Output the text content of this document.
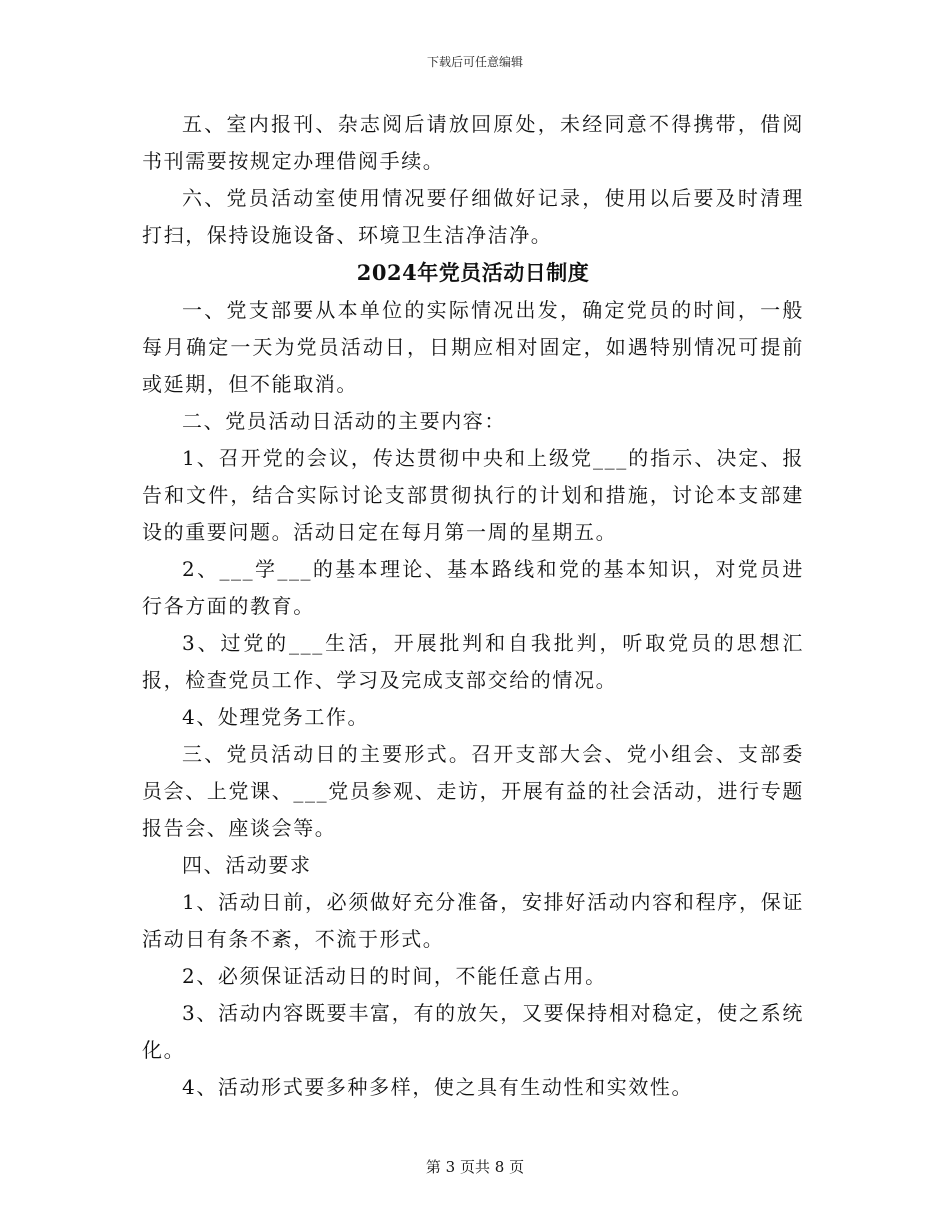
下载后可任意编辑

五、室内报刊、杂志阅后请放回原处，未经同意不得携带，借阅书刊需要按规定办理借阅手续。

六、党员活动室使用情况要仔细做好记录，使用以后要及时清理打扫，保持设施设备、环境卫生洁净洁净。

2024年党员活动日制度

一、党支部要从本单位的实际情况出发，确定党员的时间，一般每月确定一天为党员活动日，日期应相对固定，如遇特别情况可提前或延期，但不能取消。

二、党员活动日活动的主要内容：

1、召开党的会议，传达贯彻中央和上级党___的指示、决定、报告和文件，结合实际讨论支部贯彻执行的计划和措施，讨论本支部建设的重要问题。活动日定在每月第一周的星期五。

2、___学___的基本理论、基本路线和党的基本知识，对党员进行各方面的教育。

3、过党的___生活，开展批判和自我批判，听取党员的思想汇报，检查党员工作、学习及完成支部交给的情况。

4、处理党务工作。

三、党员活动日的主要形式。召开支部大会、党小组会、支部委员会、上党课、___党员参观、走访，开展有益的社会活动，进行专题报告会、座谈会等。

四、活动要求

1、活动日前，必须做好充分准备，安排好活动内容和程序，保证活动日有条不紊，不流于形式。

2、必须保证活动日的时间，不能任意占用。

3、活动内容既要丰富，有的放矢，又要保持相对稳定，使之系统化。

4、活动形式要多种多样，使之具有生动性和实效性。

第 3 页共 8 页
